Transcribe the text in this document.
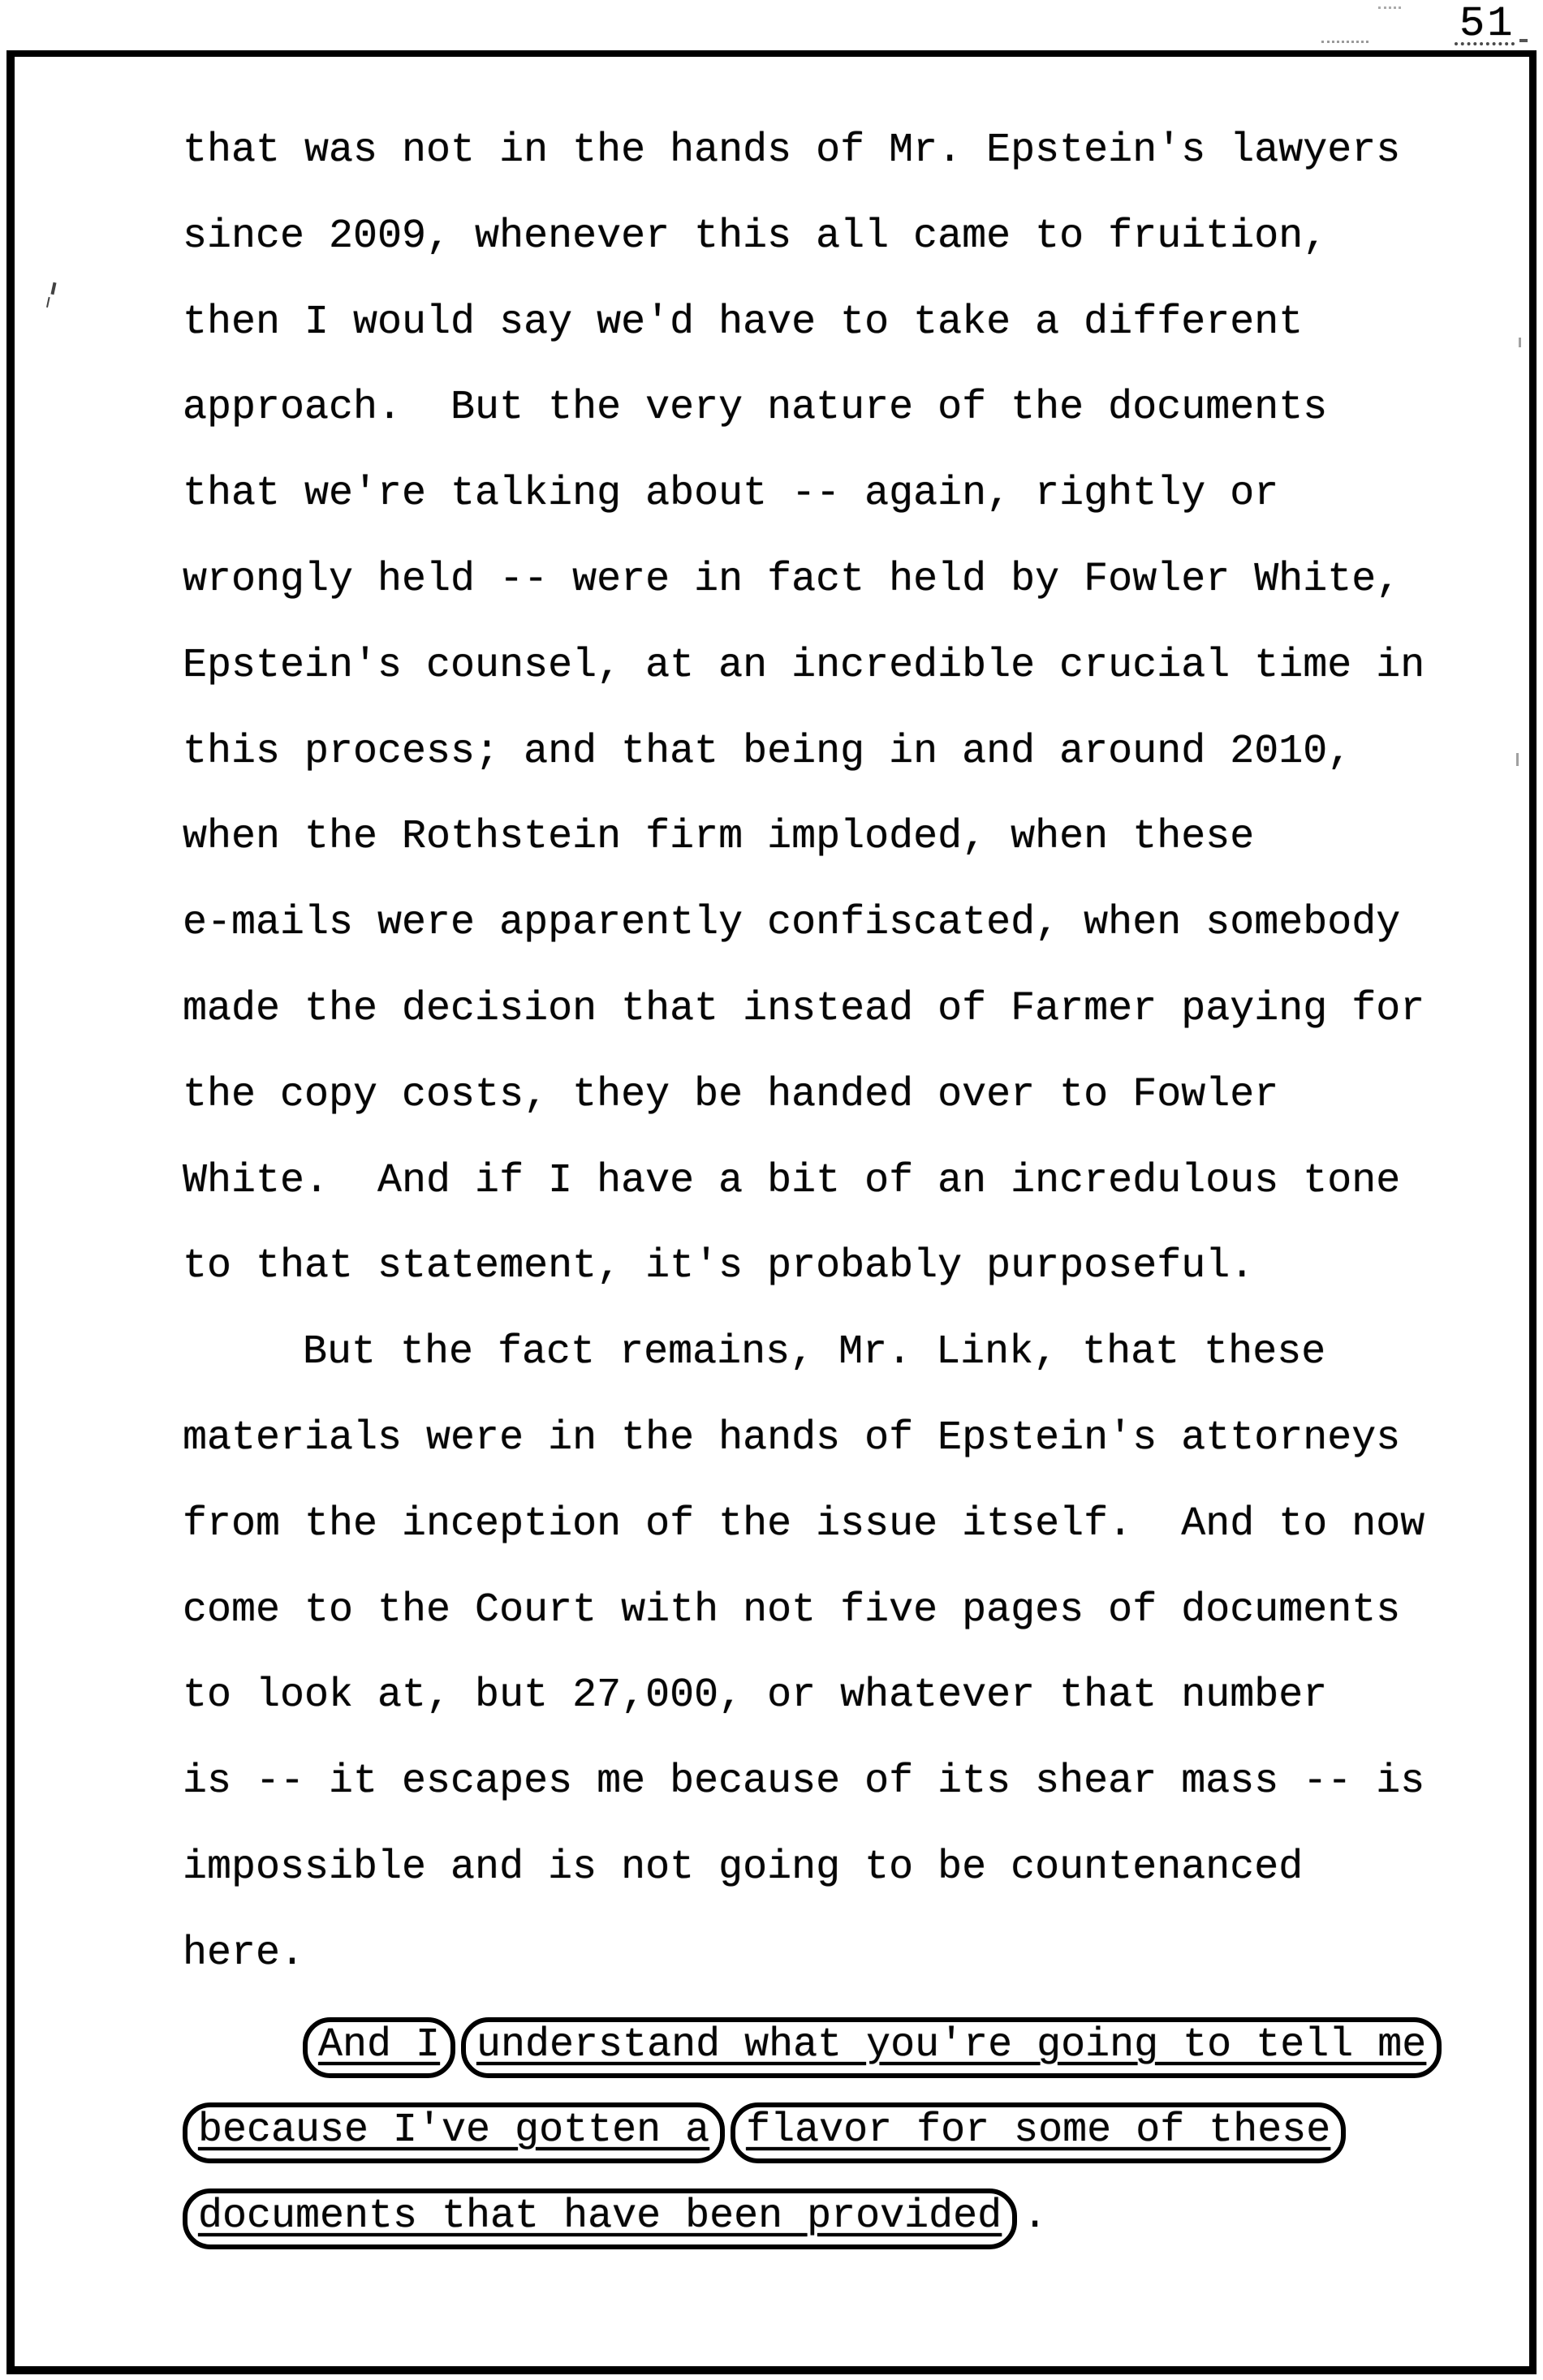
51
that was not in the hands of Mr. Epstein's lawyers
since 2009, whenever this all came to fruition,
then I would say we'd have to take a different
approach.  But the very nature of the documents
that we're talking about -- again, rightly or
wrongly held -- were in fact held by Fowler White,
Epstein's counsel, at an incredible crucial time in
this process; and that being in and around 2010,
when the Rothstein firm imploded, when these
e-mails were apparently confiscated, when somebody
made the decision that instead of Farmer paying for
the copy costs, they be handed over to Fowler
White.  And if I have a bit of an incredulous tone
to that statement, it's probably purposeful.
But the fact remains, Mr. Link, that these
materials were in the hands of Epstein's attorneys
from the inception of the issue itself.  And to now
come to the Court with not five pages of documents
to look at, but 27,000, or whatever that number
is -- it escapes me because of its shear mass -- is
impossible and is not going to be countenanced
here.
And I understand what you're going to tell me
because I've gotten a flavor for some of these
documents that have been provided .
